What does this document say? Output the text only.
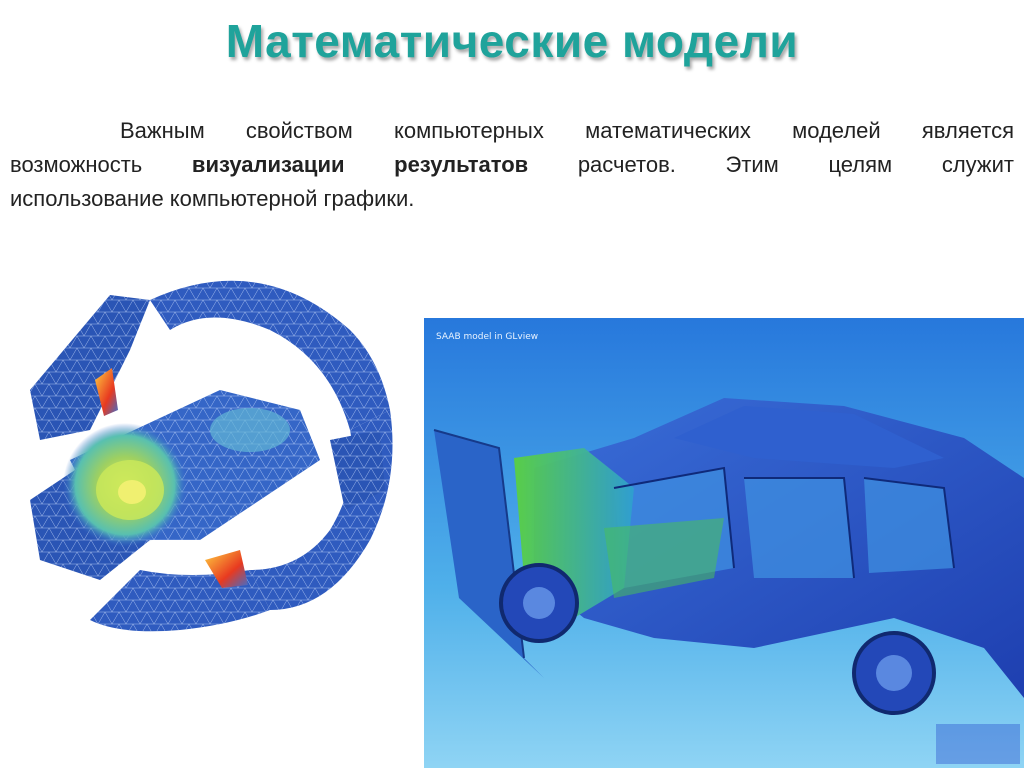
Математические модели
Важным свойством компьютерных математических моделей является
возможность визуализации результатов расчетов. Этим целям служит
использование компьютерной графики.
SAAB model in GLview
